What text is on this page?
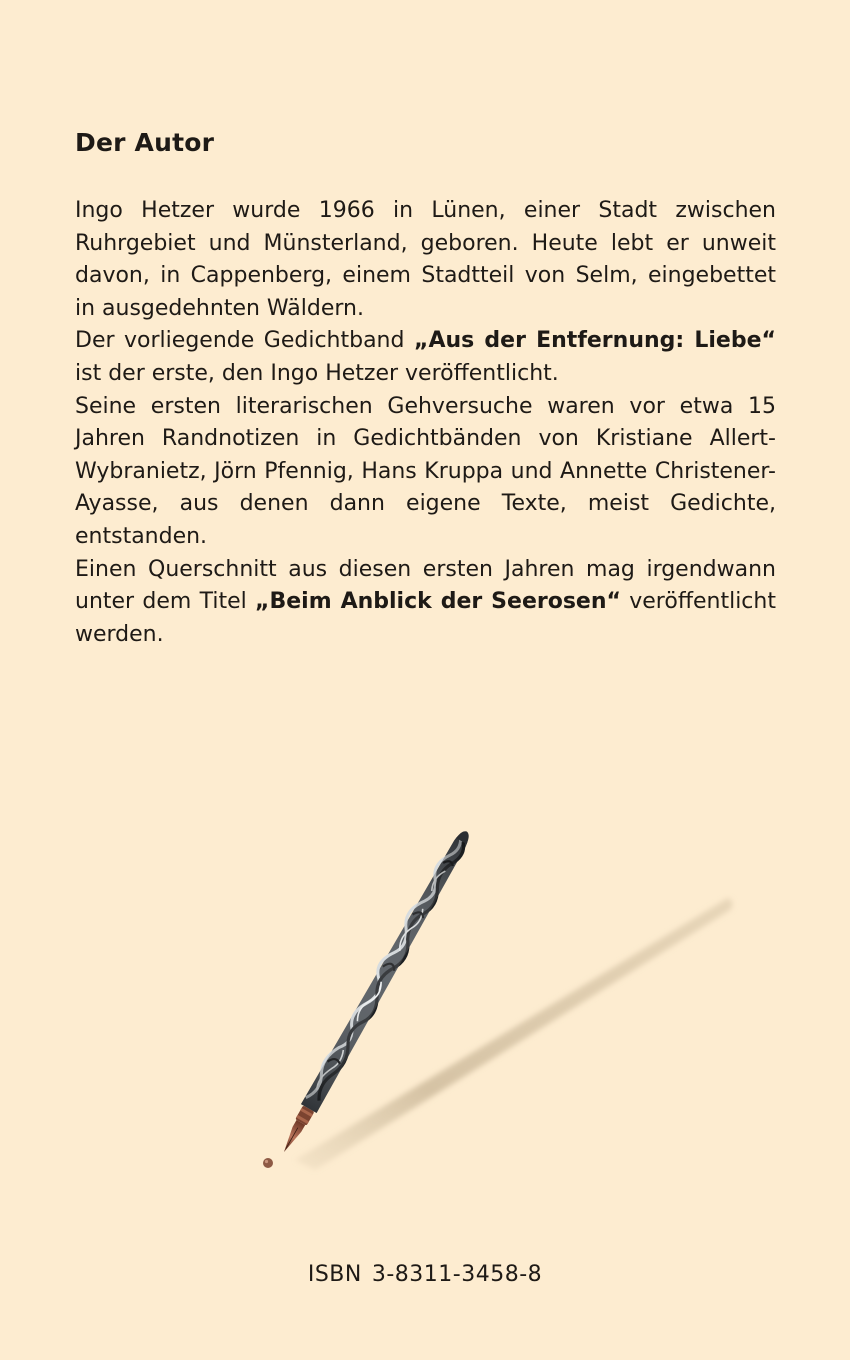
Der Autor

Ingo Hetzer wurde 1966 in Lünen, einer Stadt zwischen Ruhrgebiet und Münsterland, geboren. Heute lebt er unweit davon, in Cappenberg, einem Stadtteil von Selm, eingebettet in ausgedehnten Wäldern.

Der vorliegende Gedichtband „Aus der Entfernung: Liebe“ ist der erste, den Ingo Hetzer veröffentlicht.

Seine ersten literarischen Gehversuche waren vor etwa 15 Jahren Randnotizen in Gedichtbänden von Kristiane Allert-Wybranietz, Jörn Pfennig, Hans Kruppa und Annette Christener-Ayasse, aus denen dann eigene Texte, meist Gedichte, entstanden.

Einen Querschnitt aus diesen ersten Jahren mag irgendwann unter dem Titel „Beim Anblick der Seerosen“ veröffentlicht werden.

ISBN 3-8311-3458-8
